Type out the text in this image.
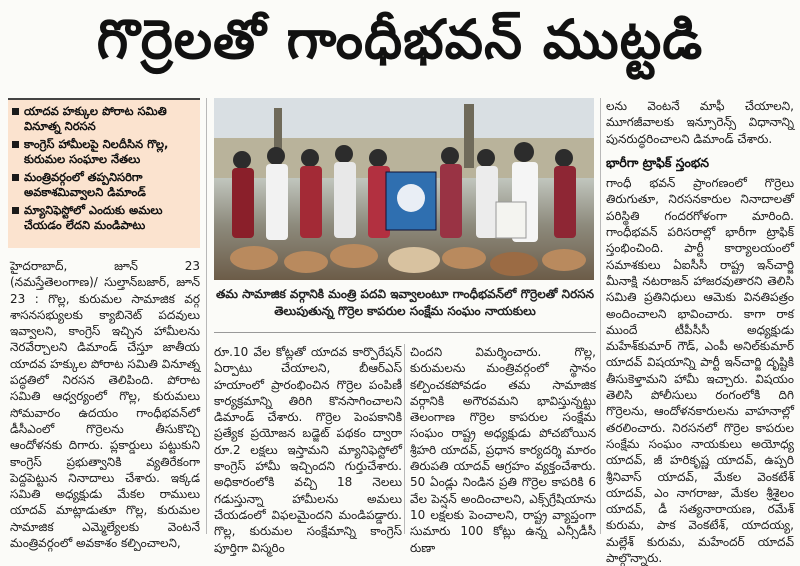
గొర్రెలతో గాంధీభవన్‌ ముట్టడి
యాదవ హక్కుల పోరాట సమితి వినూత్న నిరసన
కాంగ్రెస్‌ హామీలపై నిలదీసిన గొల్ల, కురుమల సంఘాల నేతలు
మంత్రివర్గంలో తప్పనిసరిగా అవకాశమివ్వాలని డిమాండ్‌
మ్యానిఫెస్టోలో ఎందుకు అమలు చేయడం లేదని మండిపాటు

హైదరాబాద్‌, జూన్‌ 23 (నమస్తేతెలంగాణ)/ సుల్తాన్‌బజార్‌, జూన్‌ 23 : గొల్ల, కురుమల సామాజిక వర్గ శాసనసభ్యులకు క్యాబినెట్‌ పదవులు ఇవ్వాలని, కాంగ్రెస్‌ ఇచ్చిన హామీలను నెరవేర్చాలని డిమాండ్‌ చేస్తూ జాతీయ యాదవ హక్కుల పోరాట సమితి వినూత్న పద్ధతిలో నిరసన తెలిపింది. పోరాట సమితి ఆధ్వర్యంలో గొల్ల, కురుమలు సోమవారం ఉదయం గాంధీభవన్‌లో డీసీఎంలో గొర్రెలను తీసుకొచ్చి ఆందోళనకు దిగారు. ప్లకార్డులు పట్టుకుని కాంగ్రెస్‌ ప్రభుత్వానికి వ్యతిరేకంగా పెద్దపెట్టున నినాదాలు చేశారు. ఇక్కడ సమితి అధ్యక్షుడు మేకల రాములు యాదవ్‌ మాట్లాడుతూ గొల్ల, కురుమల సామాజిక ఎమ్మెల్యేలకు వెంటనే మంత్రివర్గంలో అవకాశం కల్పించాలని,

తమ సామాజిక వర్గానికి మంత్రి పదవి ఇవ్వాలంటూ గాంధీభవన్‌లో గొర్రెలతో నిరసన తెలుపుతున్న గొర్రెల కాపరుల సంక్షేమ సంఘం నాయకులు

రూ.10 వేల కోట్లతో యాదవ కార్పొరేషన్‌ ఏర్పాటు చేయాలని, బీఆర్‌ఎస్‌ హయాంలో ప్రారంభించిన గొర్రెల పంపిణీ కార్యక్రమాన్ని తిరిగి కొనసాగించాలని డిమాండ్‌ చేశారు. గొర్రెల పెంపకానికి ప్రత్యేక ప్రయోజన బడ్జెట్‌ పథకం ద్వారా రూ.2 లక్షలు ఇస్తామని మ్యానిఫెస్టోలో కాంగ్రెస్‌ హామీ ఇచ్చిందని గుర్తుచేశారు. అధికారంలోకి వచ్చి 18 నెలలు గడుస్తున్నా హామీలను అమలు చేయడంలో విఫలమైందని మండిపడ్డారు. గొల్ల, కురుమల సంక్షేమాన్ని కాంగ్రెస్‌ పూర్తిగా విస్మరిం

చిందని విమర్శించారు. గొల్ల, కురుమలను మంత్రివర్గంలో స్థానం కల్పించకపోవడం తమ సామాజిక వర్గానికి అగౌరవమని భావిస్తున్నట్టు తెలంగాణ గొర్రెల కాపరుల సంక్షేమ సంఘం రాష్ట్ర అధ్యక్షుడు పోచబోయిన శ్రీహరి యాదవ్‌, ప్రధాన కార్యదర్శి మారం తిరుపతి యాదవ్‌ ఆగ్రహం వ్యక్తంచేశారు. 50 ఏండ్లు నిండిన ప్రతి గొర్రెల కాపరికి 6 వేల పెన్షన్‌ అందించాలని, ఎక్స్‌గ్రేషియాను 10 లక్షలకు పెంచాలని, రాష్ట్ర వ్యాప్తంగా సుమారు 100 కోట్లు ఉన్న ఎన్సీడీసీ రుణా

లను వెంటనే మాఫీ చేయాలని, మూగజీవాలకు ఇన్సూరెన్స్‌ విధానాన్ని పునరుద్ధరించాలని డిమాండ్‌ చేశారు.

భారీగా ట్రాఫిక్‌ స్తంభన

గాంధీ భవన్‌ ప్రాంగణంలో గొర్రెలు తిరుగుతూ, నిరసనకారుల నినాదాలతో పరిస్థితి గందరగోళంగా మారింది. గాంధీభవన్‌ పరిసరాల్లో భారీగా ట్రాఫిక్‌ స్తంభించింది. పార్టీ కార్యాలయంలో సమాశకులు ఏఐసీసీ రాష్ట్ర ఇన్‌చార్జి మీనాక్షి నటరాజన్‌ హాజరవుతారని తెలిసి సమితి ప్రతినిధులు ఆమెకు వినతిపత్రం అందించాలని భావించారు. కాగా రాక ముందే టీపీసీసీ అధ్యక్షుడు మహేశ్‌కుమార్‌ గౌడ్‌, ఎంపీ అనిల్‌కుమార్‌ యాదవ్‌ విషయాన్ని పార్టీ ఇన్‌చార్జి దృష్టికి తీసుకెళ్తామని హామీ ఇచ్చారు. విషయం తెలిసి పోలీసులు రంగంలోకి దిగి గొర్రెలను, ఆందోళనకారులను వాహనాల్లో తరలించారు. నిరసనలో గొర్రెల కాపరుల సంక్షేమ సంఘం నాయకులు అయోధ్య యాదవ్‌, జీ హరికృష్ణ యాదవ్‌, ఉప్పరి శ్రీనివాస్‌ యాదవ్‌, మేకల వెంకటేశ్‌ యాదవ్‌, ఎం నాగరాజు, మేకల శ్రీశైలం యాదవ్‌, డీ సత్యనారాయణ, రమేశ్‌ కురుమ, పాక వెంకటేశ్‌, యాదయ్య, మల్లేశ్‌ కురుమ, మహేందర్‌ యాదవ్‌ పాల్గొన్నారు.
